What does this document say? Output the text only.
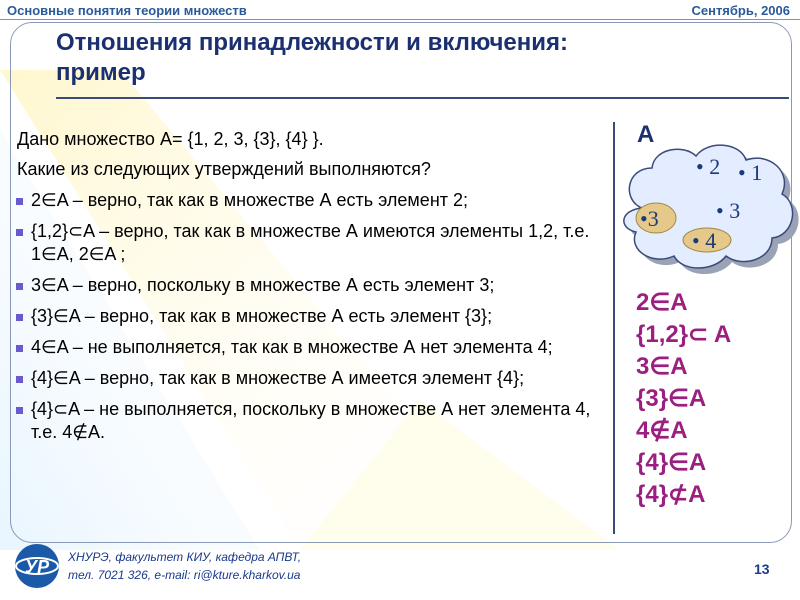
Основные понятия теории множеств	Сентябрь, 2006
Отношения принадлежности и включения:
пример

Дано множество A= {1, 2, 3, {3}, {4} }.

Какие из следующих утверждений выполняются?

2∈A – верно, так как в множестве А есть элемент 2;
{1,2}⊂A – верно, так как в множестве А имеются элементы 1,2, т.е. 1∈A, 2∈A ;
3∈A – верно, поскольку в множестве А есть элемент 3;
{3}∈A – верно, так как в множестве А есть элемент {3};
4∈A – не выполняется, так как в множестве А нет элемента 4;
{4}∈A – верно, так как в множестве А имеется элемент {4};
{4}⊂A – не выполняется, поскольку в множестве А нет элемента 4, т.е. 4∉A.
A
• 2 • 1
• 3
•3
• 4
2∈A
{1,2}⊂ A
3∈A
{3}∈A
4∉A
{4}∈A
{4}⊄A
УР ХНУРЭ, факультет КИУ, кафедра АПВТ,
тел. 7021 326, e-mail: ri@kture.kharkov.ua	13
